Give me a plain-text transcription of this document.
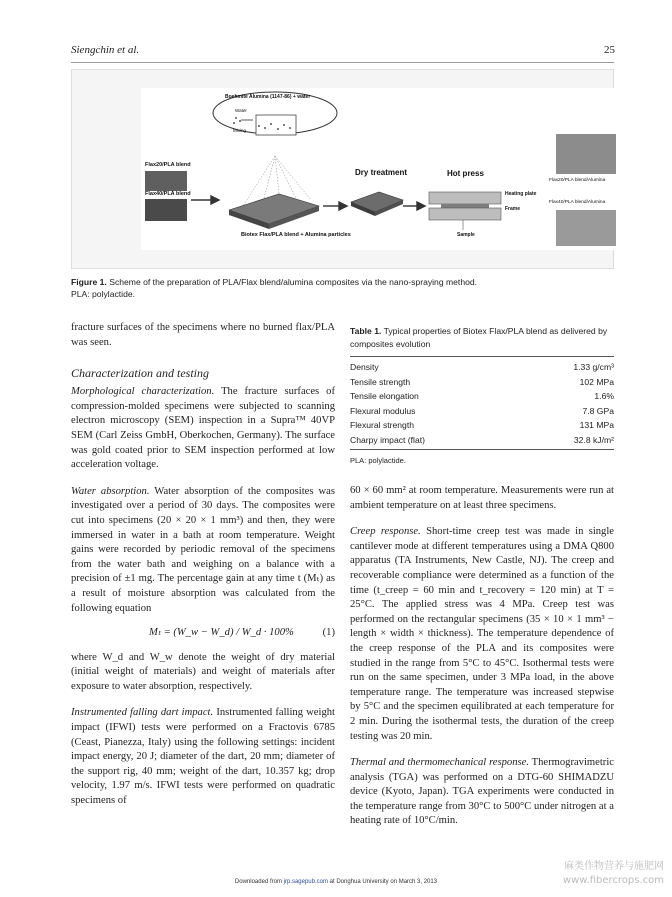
Siengchin et al.	25
Boehmite Alumina (1147-86) + water
Water
Mixing
Flax20/PLA blend
Flax40/PLA blend
Dry treatment	Hot press
Heating plate
Frame
Sample
Biotex Flax/PLA blend + Alumina particles
Flax20/PLA blend/Alumina
Flax40/PLA blend/Alumina
Figure 1. Scheme of the preparation of PLA/Flax blend/alumina composites via the nano-spraying method.
PLA: polylactide.

fracture surfaces of the specimens where no burned flax/PLA was seen.

Characterization and testing

Morphological characterization. The fracture surfaces of compression-molded specimens were subjected to scanning electron microscopy (SEM) inspection in a Supra™ 40VP SEM (Carl Zeiss GmbH, Oberkochen, Germany). The surface was gold coated prior to SEM inspection performed at low acceleration voltage.

Water absorption. Water absorption of the composites was investigated over a period of 30 days. The composites were cut into specimens (20 × 20 × 1 mm³) and then, they were immersed in water in a bath at room temperature. Weight gains were recorded by periodic removal of the specimens from the water bath and weighing on a balance with a precision of ±1 mg. The percentage gain at any time t (Mₜ) as a result of moisture absorption was calculated from the following equation

Mₜ = (W_w − W_d) / W_d · 100%	(1)

where W_d and W_w denote the weight of dry material (initial weight of materials) and weight of materials after exposure to water absorption, respectively.

Instrumented falling dart impact. Instrumented falling weight impact (IFWI) tests were performed on a Fractovis 6785 (Ceast, Pianezza, Italy) using the following settings: incident impact energy, 20 J; diameter of the dart, 20 mm; diameter of the support rig, 40 mm; weight of the dart, 10.357 kg; drop velocity, 1.97 m/s. IFWI tests were performed on quadratic specimens of

Table 1. Typical properties of Biotex Flax/PLA blend as delivered by composites evolution
Density	1.33 g/cm³
Tensile strength	102 MPa
Tensile elongation	1.6%
Flexural modulus	7.8 GPa
Flexural strength	131 MPa
Charpy impact (flat)	32.8 kJ/m²
PLA: polylactide.

60 × 60 mm² at room temperature. Measurements were run at ambient temperature on at least three specimens.

Creep response. Short-time creep test was made in single cantilever mode at different temperatures using a DMA Q800 apparatus (TA Instruments, New Castle, NJ). The creep and recoverable compliance were determined as a function of the time (t_creep = 60 min and t_recovery = 120 min) at T = 25°C. The applied stress was 4 MPa. Creep test was performed on the rectangular specimens (35 × 10 × 1 mm³ − length × width × thickness). The temperature dependence of the creep response of the PLA and its composites were studied in the range from 5°C to 45°C. Isothermal tests were run on the same specimen, under 3 MPa load, in the above temperature range. The temperature was increased stepwise by 5°C and the specimen equilibrated at each temperature for 2 min. During the isothermal tests, the duration of the creep testing was 20 min.

Thermal and thermomechanical response. Thermogravimetric analysis (TGA) was performed on a DTG-60 SHIMADZU device (Kyoto, Japan). TGA experiments were conducted in the temperature range from 30°C to 500°C under nitrogen at a heating rate of 10°C/min.

Downloaded from jrp.sagepub.com at Donghua University on March 3, 2013
麻类作物营养与施肥网
www.fibercrops.com
